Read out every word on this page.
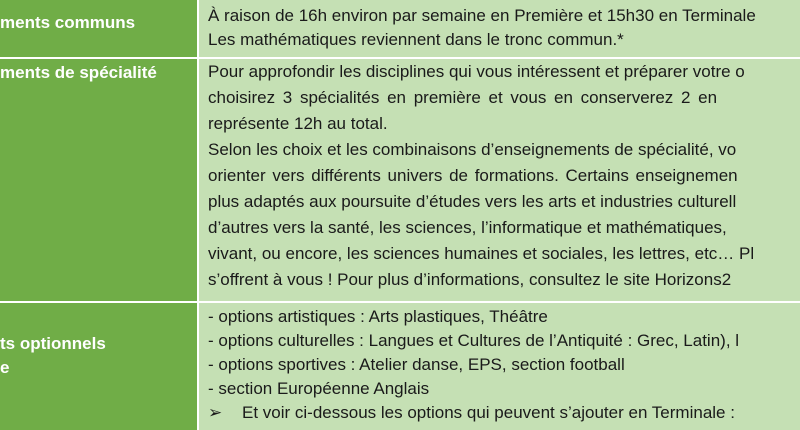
ments communs	À raison de 16h environ par semaine en Première et 15h30 en Terminale
Les mathématiques reviennent dans le tronc commun.*
ments de spécialité	Pour approfondir les disciplines qui vous intéressent et préparer votre o
choisirez 3 spécialités en première et vous en conserverez 2 en
représente 12h au total.
Selon les choix et les combinaisons d’enseignements de spécialité, vo
orienter vers différents univers de formations. Certains enseignemen
plus adaptés aux poursuite d’études vers les arts et industries culturell
d’autres vers la santé, les sciences, l’informatique et mathématiques,
vivant, ou encore, les sciences humaines et sociales, les lettres, etc… Pl
s’offrent à vous ! Pour plus d’informations, consultez le site Horizons2
ts optionnels
e
- options artistiques : Arts plastiques, Théâtre
- options culturelles : Langues et Cultures de l’Antiquité : Grec, Latin), l
- options sportives : Atelier danse, EPS, section football
- section Européenne Anglais
➢ Et voir ci-dessous les options qui peuvent s’ajouter en Terminale :
